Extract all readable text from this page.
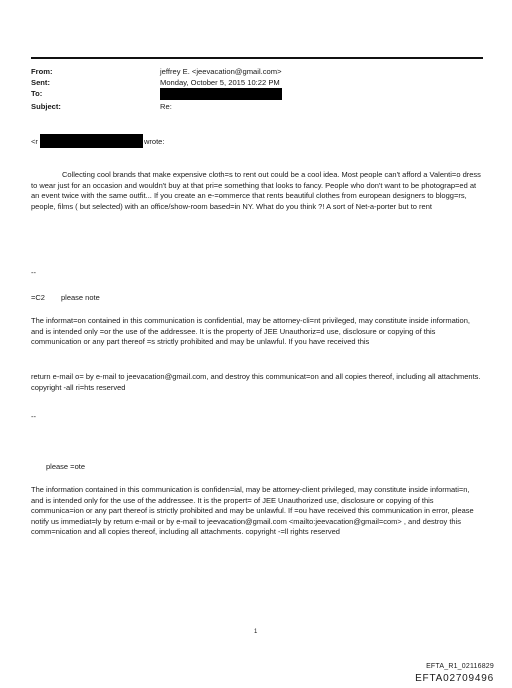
From:	jeffrey E. <jeevacation@gmail.com>
Sent:	Monday, October 5, 2015 10:22 PM
To:
Subject:	Re:
<r	wrote:

Collecting cool brands that make expensive cloth=s to rent out could be a cool idea. Most people can't afford a Valenti=o dress to wear just for an occasion and wouldn't buy at that pri=e something that looks to fancy. People who don't want to be photograp=ed at an event twice with the same outfit... If you create an e-=ommerce that rents beautiful clothes from european designers to blogg=rs, people, films ( but selected) with an office/show-room based=in NY. What do you think ?! A sort of Net-a-porter but to rent

--
=C2 please note

The informat=on contained in this communication is confidential, may be attorney-cli=nt privileged, may constitute inside information, and is intended only =or the use of the addressee. It is the property of JEE Unauthoriz=d use, disclosure or copying of this communication or any part thereof =s strictly prohibited and may be unlawful. If you have received this

return e-mail o= by e-mail to jeevacation@gmail.com, and destroy this communicat=on and all copies thereof, including all attachments. copyright -all ri=hts reserved

--
please =ote

The information contained in this communication is confiden=ial, may be attorney-client privileged, may constitute inside informati=n, and is intended only for the use of the addressee. It is the propert= of JEE Unauthorized use, disclosure or copying of this communica=ion or any part thereof is strictly prohibited and may be unlawful. If =ou have received this communication in error, please notify us immediat=ly by return e-mail or by e-mail to jeevacation@gmail.com <mailto:jeevacation@gmail=com> , and destroy this comm=nication and all copies thereof, including all attachments. copyright -=ll rights reserved

1
EFTA_R1_02116829
EFTA02709496
